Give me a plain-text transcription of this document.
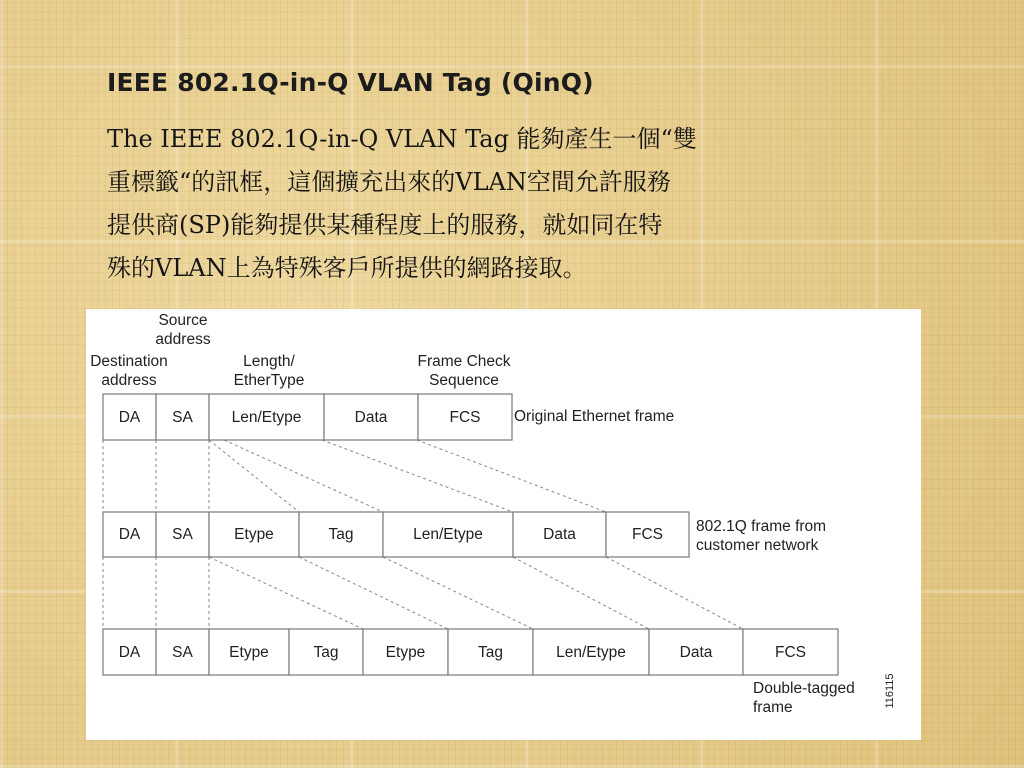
IEEE 802.1Q-in-Q VLAN Tag (QinQ)
The IEEE 802.1Q-in-Q VLAN Tag 能夠產生一個“雙
重標籤“的訊框，這個擴充出來的VLAN空間允許服務
提供商(SP)能夠提供某種程度上的服務，就如同在特
殊的VLAN上為特殊客戶所提供的網路接取。
Source
address
Destination
address
Length/
EtherType
Frame Check
Sequence
DA SA	Len/Etype	Data	FCS Original Ethernet frame
DA SA	Etype	Tag	Len/Etype	Data	FCS 802.1Q frame from
customer network
DA SA Etype	Tag	Etype	Tag	Len/Etype	Data	FCS
Double-tagged
frame	116115
